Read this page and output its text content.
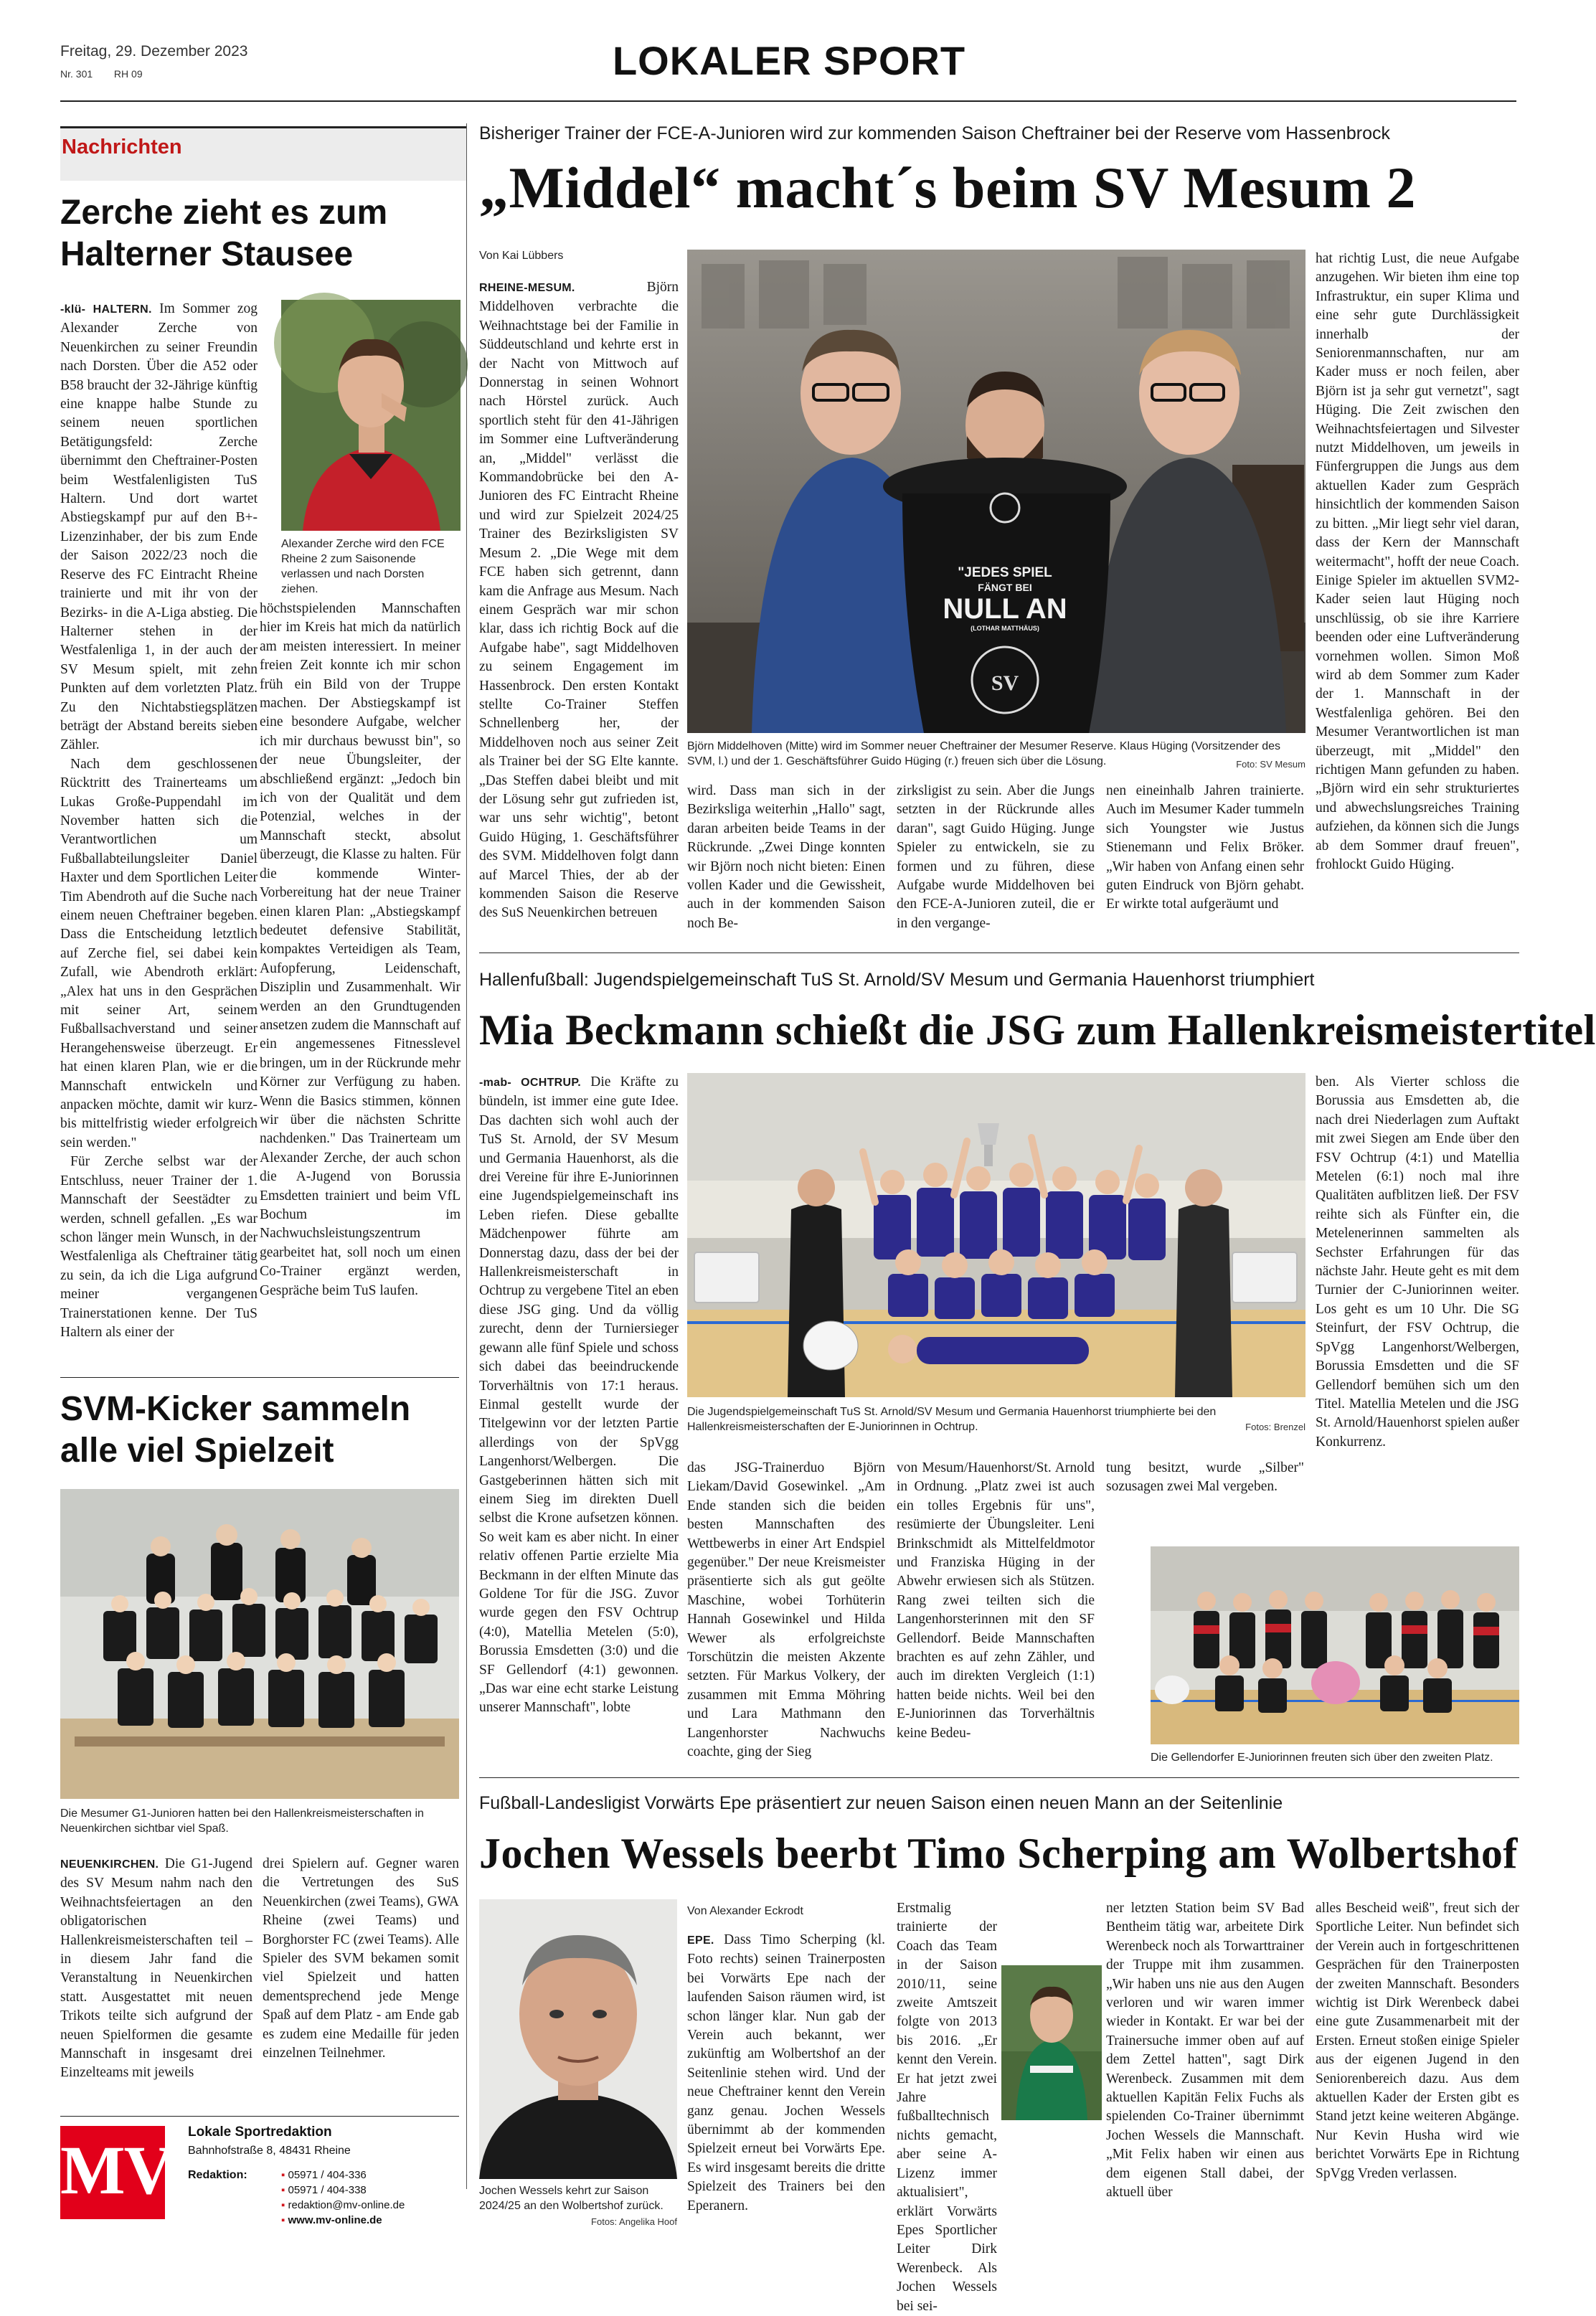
Freitag, 29. Dezember 2023
Nr. 301 RH 09	LOKALER SPORT
Nachrichten
Zerche zieht es zum Halterner Stausee

-klü- HALTERN. Im Sommer zog Alexander Zerche von Neuenkirchen zu seiner Freundin nach Dorsten. Über die A52 oder B58 braucht der 32-Jährige künftig eine knappe halbe Stunde zu seinem neuen sportlichen Betätigungsfeld: Zerche übernimmt den Cheftrainer-Posten beim Westfalenligisten TuS Haltern. Und dort wartet Abstiegskampf pur auf den B+-Lizenzinhaber, der bis zum Ende der Saison 2022/23 noch die Reserve des FC Eintracht Rheine trainierte und mit ihr von der Bezirks- in die A-Liga abstieg. Die Halterner stehen in der Westfalenliga 1, in der auch der SV Mesum spielt, mit zehn Punkten auf dem vorletzten Platz. Zu den Nichtabstiegsplätzen beträgt der Abstand bereits sieben Zähler.

Nach dem geschlossenen Rücktritt des Trainerteams um Lukas Große-Puppendahl im November hatten sich die Verantwortlichen um Fußballabteilungsleiter Daniel Haxter und dem Sportlichen Leiter Tim Abendroth auf die Suche nach einem neuen Cheftrainer begeben. Dass die Entscheidung letztlich auf Zerche fiel, sei dabei kein Zufall, wie Abendroth erklärt: „Alex hat uns in den Gesprächen mit seiner Art, seinem Fußballsachverstand und seiner Herangehensweise überzeugt. Er hat einen klaren Plan, wie er die Mannschaft entwickeln und anpacken möchte, damit wir kurz- bis mittelfristig wieder erfolgreich sein werden."

Für Zerche selbst war der Entschluss, neuer Trainer der 1. Mannschaft der Seestädter zu werden, schnell gefallen. „Es war schon länger mein Wunsch, in der Westfalenliga als Cheftrainer tätig zu sein, da ich die Liga aufgrund meiner vergangenen Trainerstationen kenne. Der TuS Haltern als einer der

Alexander Zerche wird den FCE Rheine 2 zum Saisonende verlassen und nach Dorsten ziehen.

höchstspielenden Mannschaften hier im Kreis hat mich da natürlich am meisten interessiert. In meiner freien Zeit konnte ich mir schon früh ein Bild von der Truppe machen. Der Abstiegskampf ist eine besondere Aufgabe, welcher ich mir durchaus bewusst bin", so der neue Übungsleiter, der abschließend ergänzt: „Jedoch bin ich von der Qualität und dem Potenzial, welches in der Mannschaft steckt, absolut überzeugt, die Klasse zu halten. Für die kommende Winter-Vorbereitung hat der neue Trainer einen klaren Plan: „Abstiegskampf bedeutet defensive Stabilität, kompaktes Verteidigen als Team, Aufopferung, Leidenschaft, Disziplin und Zusammenhalt. Wir werden an den Grundtugenden ansetzen zudem die Mannschaft auf ein angemessenes Fitnesslevel bringen, um in der Rückrunde mehr Körner zur Verfügung zu haben. Wenn die Basics stimmen, können wir über die nächsten Schritte nachdenken." Das Trainerteam um Alexander Zerche, der auch schon die A-Jugend von Borussia Emsdetten trainiert und beim VfL Bochum im Nachwuchsleistungszentrum gearbeitet hat, soll noch um einen Co-Trainer ergänzt werden, Gespräche beim TuS laufen.

SVM-Kicker sammeln alle viel Spielzeit
Die Mesumer G1-Junioren hatten bei den Hallenkreismeisterschaften in Neuenkirchen sichtbar viel Spaß.

NEUENKIRCHEN. Die G1-Jugend des SV Mesum nahm nach den Weihnachtsfeiertagen an den obligatorischen Hallenkreismeisterschaften teil – in diesem Jahr fand die Veranstaltung in Neuenkirchen statt. Ausgestattet mit neuen Trikots teilte sich aufgrund der neuen Spielformen die gesamte Mannschaft in insgesamt drei Einzelteams mit jeweils

drei Spielern auf. Gegner waren die Vertretungen des SuS Neuenkirchen (zwei Teams), GWA Rheine (zwei Teams) und Borghorster FC (zwei Teams). Alle Spieler des SVM bekamen somit viel Spielzeit und hatten dementsprechend jede Menge Spaß auf dem Platz - am Ende gab es zudem eine Medaille für jeden einzelnen Teilnehmer.

MV Lokale Sportredaktion
Bahnhofstraße 8, 48431 Rheine
Redaktion:	▪ 05971 / 404-336
▪ 05971 / 404-338
▪ redaktion@mv-online.de
▪ www.mv-online.de
Bisheriger Trainer der FCE-A-Junioren wird zur kommenden Saison Cheftrainer bei der Reserve vom Hassenbrock
„Middel“ macht´s beim SV Mesum 2
Von Kai Lübbers

RHEINE-MESUM.	Björn Middelhoven verbrachte die Weihnachtstage bei der Familie in Süddeutschland und kehrte erst in der Nacht von Mittwoch auf Donnerstag in seinen Wohnort nach Hörstel zurück. Auch sportlich steht für den 41-Jährigen im Sommer eine Luftveränderung an, „Middel" verlässt die Kommandobrücke bei den A-Junioren des FC Eintracht Rheine und wird zur Spielzeit 2024/25 Trainer des Bezirksligisten SV Mesum 2. „Die Wege mit dem FCE haben sich getrennt, dann kam die Anfrage aus Mesum. Nach einem Gespräch war mir schon klar, dass ich richtig Bock auf die Aufgabe habe", sagt Middelhoven zu seinem Engagement im Hassenbrock. Den ersten Kontakt stellte Co-Trainer Steffen Schnellenberg her, der Middelhoven noch aus seiner Zeit als Trainer bei der SG Elte kannte. „Das Steffen dabei bleibt und mit der Lösung sehr gut zufrieden ist, war uns sehr wichtig", betont Guido Hüging, 1. Geschäftsführer des SVM. Middelhoven folgt dann auf Marcel Thies, der ab der kommenden Saison die Reserve des SuS Neuenkirchen betreuen

SV
"JEDES SPIEL
FÄNGT BEI
NULL AN
(LOTHAR MATTHÄUS)
Björn Middelhoven (Mitte) wird im Sommer neuer Cheftrainer der Mesumer Reserve. Klaus Hüging (Vorsitzender des SVM, l.) und der 1. Geschäftsführer Guido Hüging (r.) freuen sich über die Lösung.	Foto: SV Mesum

wird. Dass man sich in der Bezirksliga weiterhin „Hallo" sagt, daran arbeiten beide Teams in der Rückrunde. „Zwei Dinge konnten wir Björn noch nicht bieten: Einen vollen Kader und die Gewissheit, auch in der kommenden Saison noch Be-

zirksligist zu sein. Aber die Jungs setzten in der Rückrunde alles daran", sagt Guido Hüging. Junge Spieler zu entwickeln, sie zu formen und zu führen, diese Aufgabe wurde Middelhoven bei den FCE-A-Junioren zuteil, die er in den vergange-

nen eineinhalb Jahren trainierte. Auch im Mesumer Kader tummeln sich Youngster wie Justus Stienemann und Felix Bröker. „Wir haben von Anfang einen sehr guten Eindruck von Björn gehabt. Er wirkte total aufgeräumt und

hat richtig Lust, die neue Aufgabe anzugehen. Wir bieten ihm eine top Infrastruktur, ein super Klima und eine sehr gute Durchlässigkeit innerhalb der Seniorenmannschaften, nur am Kader muss er noch feilen, aber Björn ist ja sehr gut vernetzt", sagt Hüging. Die Zeit zwischen den Weihnachtsfeiertagen und Silvester nutzt Middelhoven, um jeweils in Fünfergruppen die Jungs aus dem aktuellen Kader zum Gespräch hinsichtlich der kommenden Saison zu bitten. „Mir liegt sehr viel daran, dass der Kern der Mannschaft weitermacht", hofft der neue Coach. Einige Spieler im aktuellen SVM2-Kader seien laut Hüging noch unschlüssig, ob sie ihre Karriere beenden oder eine Luftveränderung vornehmen wollen. Simon Moß wird ab dem Sommer zum Kader der 1. Mannschaft in der Westfalenliga gehören. Bei den Mesumer Verantwortlichen ist man überzeugt, mit „Middel" den richtigen Mann gefunden zu haben. „Björn wird ein sehr strukturiertes und abwechslungsreiches Training aufziehen, da können sich die Jungs ab dem Sommer drauf freuen", frohlockt Guido Hüging.

Hallenfußball: Jugendspielgemeinschaft TuS St. Arnold/SV Mesum und Germania Hauenhorst triumphiert
Mia Beckmann schießt die JSG zum Hallenkreismeistertitel

-mab- OCHTRUP. Die Kräfte zu bündeln, ist immer eine gute Idee. Das dachten sich wohl auch der TuS St. Arnold, der SV Mesum und Germania Hauenhorst, als die drei Vereine für ihre E-Juniorinnen eine Jugendspielgemeinschaft ins Leben riefen. Diese geballte Mädchenpower führte am Donnerstag dazu, dass der bei der Hallenkreismeisterschaft in Ochtrup zu vergebene Titel an eben diese JSG ging. Und da völlig zurecht, denn der Turniersieger gewann alle fünf Spiele und schoss sich dabei das beeindruckende Torverhältnis von 17:1 heraus. Einmal gestellt wurde der Titelgewinn vor der letzten Partie allerdings von der SpVgg Langenhorst/Welbergen. Die Gastgeberinnen hätten sich mit einem Sieg im direkten Duell selbst die Krone aufsetzen können. So weit kam es aber nicht. In einer relativ offenen Partie erzielte Mia Beckmann in der elften Minute das Goldene Tor für die JSG. Zuvor wurde gegen den FSV Ochtrup (4:0), Matellia Metelen (5:0), Borussia Emsdetten (3:0) und die SF Gellendorf (4:1) gewonnen. „Das war eine echt starke Leistung unserer Mannschaft", lobte

Die Jugendspielgemeinschaft TuS St. Arnold/SV Mesum und Germania Hauenhorst triumphierte bei den Hallenkreismeisterschaften der E-Juniorinnen in Ochtrup.	Fotos: Brenzel

das JSG-Trainerduo Björn Liekam/David Gosewinkel. „Am Ende standen sich die beiden besten Mannschaften des Wettbewerbs in einer Art Endspiel gegenüber." Der neue Kreismeister präsentierte sich als gut geölte Maschine, wobei Torhüterin Hannah Gosewinkel und Hilda Wewer als erfolgreichste Torschützin die meisten Akzente setzten. Für Markus Volkery, der zusammen mit Emma Möhring und Lara Mathmann den Langenhorster Nachwuchs coachte, ging der Sieg

von Mesum/Hauenhorst/St. Arnold in Ordnung. „Platz zwei ist auch ein tolles Ergebnis für uns", resümierte der Übungsleiter. Leni Brinkschmidt als Mittelfeldmotor und Franziska Hüging in der Abwehr erwiesen sich als Stützen. Rang zwei teilten sich die Langenhorsterinnen mit den SF Gellendorf. Beide Mannschaften brachten es auf zehn Zähler, und auch im direkten Vergleich (1:1) hatten beide nichts. Weil bei den E-Juniorinnen das Torverhältnis keine Bedeu-

tung besitzt, wurde „Silber" sozusagen zwei Mal vergeben.

ben. Als Vierter schloss die Borussia aus Emsdetten ab, die nach drei Niederlagen zum Auftakt mit zwei Siegen am Ende über den FSV Ochtrup (4:1) und Matellia Metelen (6:1) noch mal ihre Qualitäten aufblitzen ließ. Der FSV reihte sich als Fünfter ein, die Metelenerinnen sammelten als Sechster Erfahrungen für das nächste Jahr. Heute geht es mit dem Turnier der C-Juniorinnen weiter. Los geht es um 10 Uhr. Die SG Steinfurt, der FSV Ochtrup, die SpVgg Langenhorst/Welbergen, Borussia Emsdetten und die SF Gellendorf bemühen sich um den Titel. Matellia Metelen und die JSG St. Arnold/Hauenhorst spielen außer Konkurrenz.

Die Gellendorfer E-Juniorinnen freuten sich über den zweiten Platz.
Fußball-Landesligist Vorwärts Epe präsentiert zur neuen Saison einen neuen Mann an der Seitenlinie
Jochen Wessels beerbt Timo Scherping am Wolbertshof
Jochen Wessels kehrt zur Saison 2024/25 an den Wolbertshof zurück.
Fotos: Angelika Hoof
Von Alexander Eckrodt

EPE. Dass Timo Scherping (kl. Foto rechts) seinen Trainerposten bei Vorwärts Epe nach der laufenden Saison räumen wird, ist schon länger klar. Nun gab der Verein auch bekannt, wer zukünftig am Wolbertshof an der Seitenlinie stehen wird. Und der neue Cheftrainer kennt den Verein ganz genau. Jochen Wessels übernimmt ab der kommenden Spielzeit erneut bei Vorwärts Epe. Es wird insgesamt bereits die dritte Spielzeit des Trainers bei den Eperanern.

Erstmalig trainierte der Coach das Team in der Saison 2010/11, seine zweite Amtszeit folgte von 2013 bis 2016. „Er kennt den Verein. Er hat jetzt zwei Jahre fußballtechnisch nichts gemacht, aber seine A-Lizenz immer aktualisiert", erklärt Vorwärts Epes Sportlicher Leiter Dirk Werenbeck. Als Jochen Wessels bei sei-

ner letzten Station beim SV Bad Bentheim tätig war, arbeitete Dirk Werenbeck noch als Torwarttrainer der Truppe mit ihm zusammen. „Wir haben uns nie aus den Augen verloren und wir waren immer wieder in Kontakt. Er war bei der Trainersuche immer oben auf auf dem Zettel hatten", sagt Dirk Werenbeck. Zusammen mit dem aktuellen Kapitän Felix Fuchs als spielenden Co-Trainer übernimmt Jochen Wessels die Mannschaft. „Mit Felix haben wir einen aus dem eigenen Stall dabei, der aktuell über

alles Bescheid weiß", freut sich der Sportliche Leiter. Nun befindet sich der Verein auch in fortgeschrittenen Gesprächen für den Trainerposten der zweiten Mannschaft. Besonders wichtig ist Dirk Werenbeck dabei eine gute Zusammenarbeit mit der Ersten. Erneut stoßen einige Spieler aus der eigenen Jugend in den Seniorenbereich dazu. Aus dem aktuellen Kader der Ersten gibt es Stand jetzt keine weiteren Abgänge. Nur Kevin Husha wird wie berichtet Vorwärts Epe in Richtung SpVgg Vreden verlassen.
